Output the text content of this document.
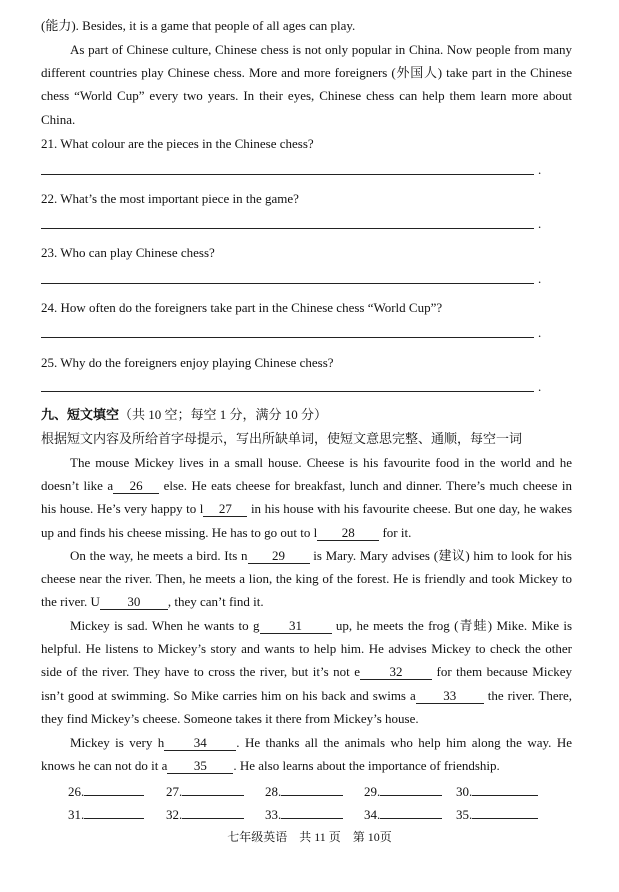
(能力). Besides, it is a game that people of all ages can play.

As part of Chinese culture, Chinese chess is not only popular in China. Now people from many different countries play Chinese chess. More and more foreigners (外国人) take part in the Chinese chess “World Cup” every two years. In their eyes, Chinese chess can help them learn more about China.

21. What colour are the pieces in the Chinese chess?
.
22. What’s the most important piece in the game?
.
23. Who can play Chinese chess?
.
24. How often do the foreigners take part in the Chinese chess “World Cup”?
.
25. Why do the foreigners enjoy playing Chinese chess?
.
九、短文填空（共 10 空；每空 1 分，满分 10 分）
根据短文内容及所给首字母提示，写出所缺单词，使短文意思完整、通顺，每空一词

The mouse Mickey lives in a small house. Cheese is his favourite food in the world and he doesn’t like a 26 else. He eats cheese for breakfast, lunch and dinner. There’s much cheese in his house. He’s very happy to l 27 in his house with his favourite cheese. But one day, he wakes up and finds his cheese missing. He has to go out to l 28 for it.

On the way, he meets a bird. Its n 29 is Mary. Mary advises (建议) him to look for his cheese near the river. Then, he meets a lion, the king of the forest. He is friendly and took Mickey to the river. U 30 , they can’t find it.

Mickey is sad. When he wants to g 31	up, he meets the frog (青蛙) Mike. Mike is helpful. He listens to Mickey’s story and wants to help him. He advises Mickey to check the other side of the river. They have to cross the river, but it’s not e 32	for them because Mickey isn’t good at swimming. So Mike carries him on his back and swims a 33 the river. There, they find Mickey’s cheese. Someone takes it there from Mickey’s house.

Mickey is very h 34 . He thanks all the animals who help him along the way. He knows he can not do it a 35 . He also learns about the importance of friendship.

26.	27.	28.	29.	30.
31.	32.	33.	34.	35.
七年级英语　共 11 页　第 10页
